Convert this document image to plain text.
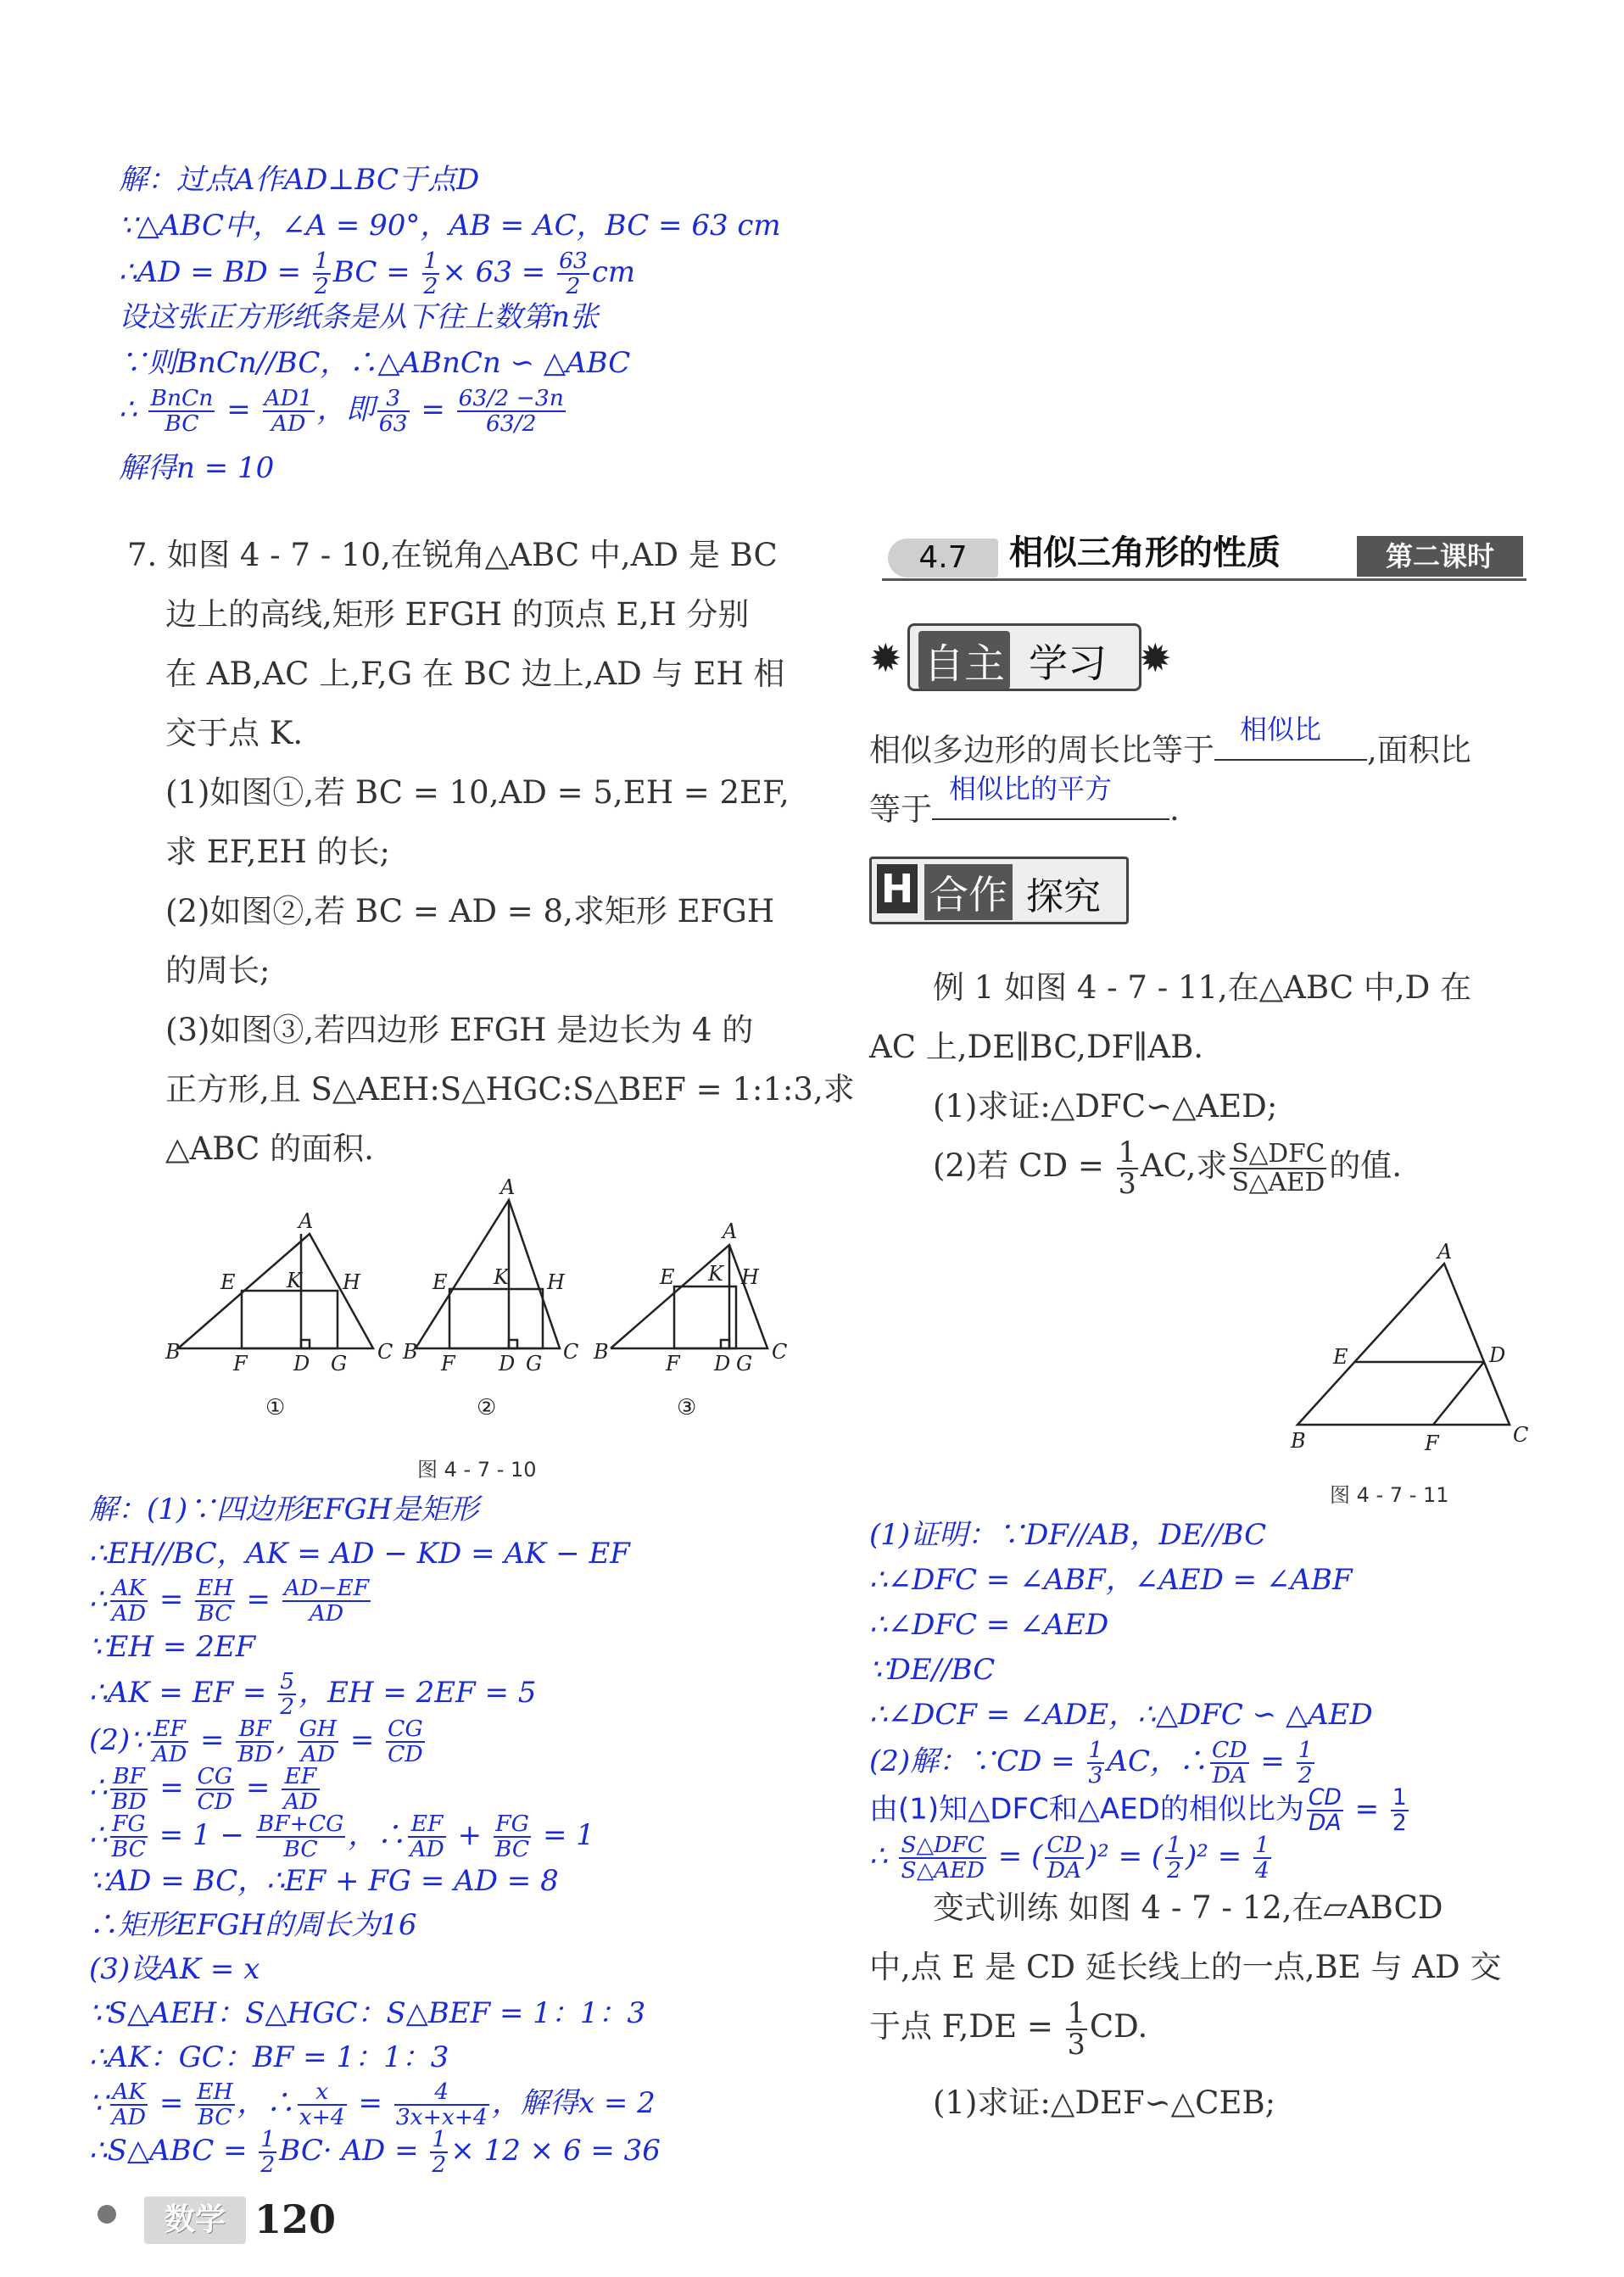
解：过点A作AD⊥BC于点D
∵△ABC中，∠A = 90°，AB = AC，BC = 63 cm
∴AD = BD = $\frac{1}{2}$ BC = $\frac{1}{2} \times 63 = \frac{63}{2}$ cm
设这张正方形纸条是从下往上数第n张
∵则BnCn//BC，∴△ABnCn ∽ △ABC
∴ $\frac{\text{BnCn}}{BC} = \frac{AD1}{AD}$ ，即 $\frac{3}{63} = \frac{63/2 -3n}{63/2}$
解得n = 10
7. 如图 4 - 7 - 10,在锐角△ABC 中,AD 是 BC
边上的高线,矩形 EFGH 的顶点 E,H 分别
在 AB,AC 上,F,G 在 BC 边上,AD 与 EH 相
交于点 K.
(1)如图①,若 BC = 10,AD = 5,EH = 2EF,
求 EF,EH 的长;
(2)如图②,若 BC = AD = 8,求矩形 EFGH
的周长;
(3)如图③,若四边形 EFGH 是边长为 4 的
正方形,且 S△AEH:S△HGC:S△BEF = 1:1:3,求
△ABC 的面积.
A
E	K H
B	F D G C
A
E K H
B F D G C
A
E K H
B	F D G C
①	②	③
图 4 - 7 - 10
解：(1)∵四边形EFGH是矩形
∴EH//BC，AK = AD − KD = AK − EF
∴ $\frac{AK}{AD} = \frac{EH}{BC} = \frac{AD-EF}{AD}$
∵EH = 2EF
∴AK = EF = $\frac{5}{2}$ ，EH = 2EF = 5
(2)∵ $\frac{EF}{AD} = \frac{BF}{BD}$ , $\frac{GH}{AD} = \frac{CG}{CD}$
∴ $\frac{BF}{BD} = \frac{CG}{CD} = \frac{EF}{AD}$
∴ $\frac{FG}{BC} = 1 - \frac{BF+CG}{BC}$ ，∴ $\frac{EF}{AD} + \frac{FG}{BC} = 1$
∵AD = BC，∴EF + FG = AD = 8
∴矩形EFGH的周长为16
(3)设AK = x
∵S△AEH：S△HGC：S△BEF = 1：1：3
∴AK：GC：BF = 1：1：3
∵ $\frac{AK}{AD} = \frac{EH}{BC}$ ，∴ $\frac{x}{x+4} = \frac{4}{3x+x+4}$ ，解得x = 2
∴S△ABC = $\frac{1}{2} BC\cdot$ AD = $\frac{1}{2} \times 12 \times 6 = 36$
4.7	相似三角形的性质	第二课时
✹ 自主 学习 ✹
相似多边形的周长比等于
相似比
,面积比
等于
相似比的平方
.
H 合作 探究
例 1 如图 4 - 7 - 11,在△ABC 中,D 在
AC 上,DE∥BC,DF∥AB.
(1)求证:△DFC∽△AED;
(2)若 CD = $\frac{1}{3}$ AC,求 $\frac{\text{S△DFC}}{\text{S△AED}}$ 的值.
A
E	D
B	F	C
图 4 - 7 - 11
(1)证明：∵DF//AB，DE//BC
∴∠DFC = ∠ABF，∠AED = ∠ABF
∴∠DFC = ∠AED
∵DE//BC
∴∠DCF = ∠ADE，∴△DFC ∽ △AED
(2)解：∵CD = $\frac{1}{3}$ AC，∴ $\frac{CD}{DA} = \frac{1}{2}$
由(1)知△DFC和△AED的相似比为 $\frac{CD}{DA} = \frac{1}{2}$
∴ $\frac{\text{S△DFC}}{\text{S△AED}}$ = ( $\frac{CD}{DA} )^2$ = ( $\frac{1}{2} )^2 = \frac{1}{4}$
变式训练 如图 4 - 7 - 12,在▱ABCD
中,点 E 是 CD 延长线上的一点,BE 与 AD 交
于点 $F,DE = \frac{1}{3}$ CD.
(1)求证:△DEF∽△CEB;
数学 120
